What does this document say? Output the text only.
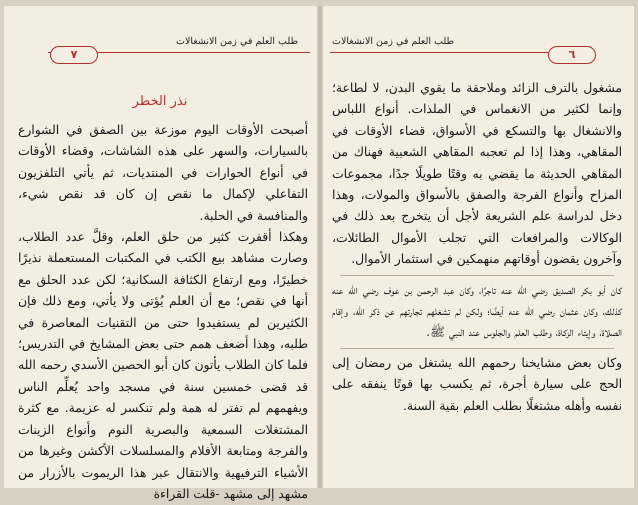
طلب العلم في زمن الانشغالات
٧
نذر الخطر

أصبحت الأوقات اليوم موزعة بين الصفق في الشوارع بالسيارات، والسهر على هذه الشاشات، وقضاء الأوقات في أنواع الحوارات في المنتديات، ثم يأتي التلفزيون التفاعلي لإكمال ما نقص إن كان قد نقص شيء، والمنافسة في الحلبة.

وهكذا أقفرت كثير من حلق العلم، وقلَّ عدد الطلاب، وصارت مشاهد بيع الكتب في المكتبات المستعملة نذيرًا خطيرًا، ومع ارتفاع الكثافة السكانية؛ لكن عدد الحلق مع أنها في نقص؛ مع أن العلم يُؤتى ولا يأتي، ومع ذلك فإن الكثيرين لم يستفيدوا حتى من التقنيات المعاصرة في طلبه، وهذا أضعف همم حتى بعض المشايخ في التدريس؛ فلما كان الطلاب يأتون كان أبو الحصين الأسدي رحمه الله قد قضى خمسين سنة في مسجد واحد يُعلِّم الناس ويفهمهم لم تفتر له همة ولم تنكسر له عزيمة. مع كثرة المشتغلات السمعية والبصرية النوم وأنواع الزينات والفرجة ومتابعة الأفلام والمسلسلات الأكشن وغيرها من الأشياء الترفيهية والانتقال عبر هذا الريموت بالأزرار من مشهد إلى مشهد -قلت القراءة

طلب العلم في زمن الانشغالات
٦

مشغول بالترف الزائد وملاحقة ما يقوي البدن، لا لطاعة؛ وإنما لكثير من الانغماس في الملذات. أنواع اللباس والانشغال بها والتسكع في الأسواق، قضاء الأوقات في المقاهي، وهذا إذا لم تعجبه المقاهي الشعبية فهناك من المقاهي الحديثة ما يقضي به وقتًا طويلًا جدًا، مجموعات المزاح وأنواع الفرجة والصفق بالأسواق والمولات، وهذا دخل لدراسة علم الشريعة لأجل أن يتخرج بعد ذلك في الوكالات والمرافعات التي تجلب الأموال الطائلات، وآخرون يقضون أوقاتهم منهمكين في استثمار الأموال.

كان أبو بكر الصديق رضي الله عنه تاجرًا، وكان عبد الرحمن بن عوف رضي الله عنه كذلك، وكان عثمان رضي الله عنه أيضًا؛ ولكن لم تشغلهم تجارتهم عن ذكر الله، وإقام الصلاة، وإيتاء الزكاة، وطلب العلم والجلوس عند النبي ﷺ.

وكان بعض مشايخنا رحمهم الله يشتغل من رمضان إلى الحج على سيارة أجرة، ثم يكسب بها قوتًا ينفقه على نفسه وأهله مشتغلًا بطلب العلم بقية السنة.
